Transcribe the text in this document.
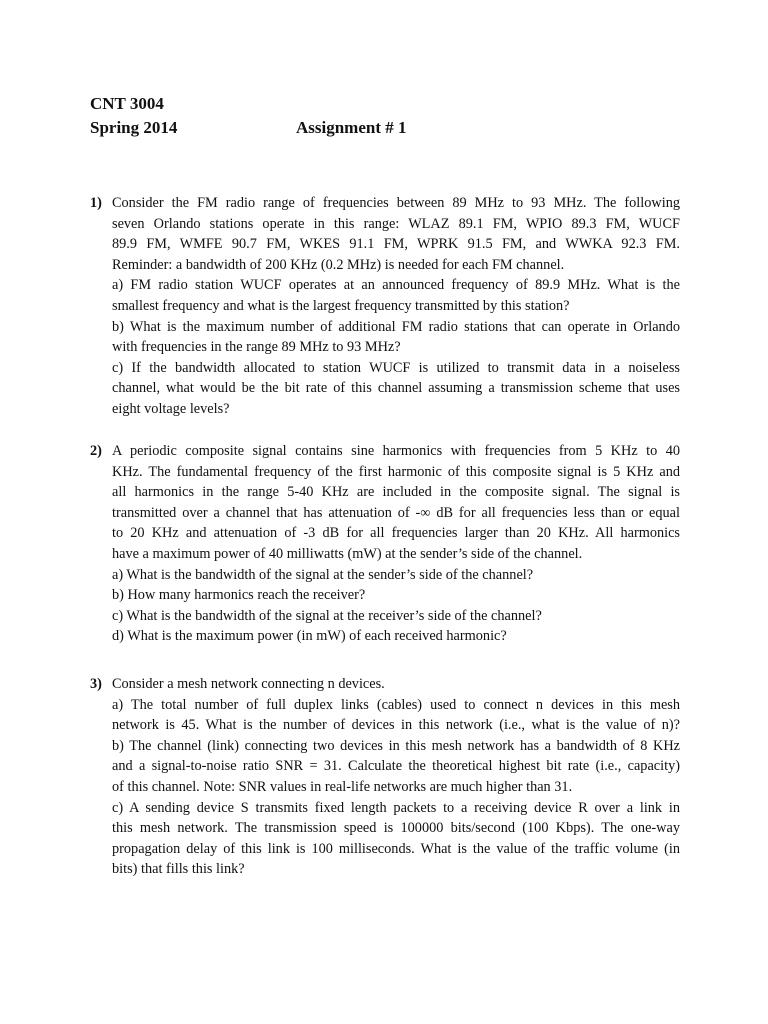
CNT 3004
Spring 2014	Assignment # 1

1) Consider the FM radio range of frequencies between 89 MHz to 93 MHz. The following

seven Orlando stations operate in this range: WLAZ 89.1 FM, WPIO 89.3 FM, WUCF

89.9 FM, WMFE 90.7 FM, WKES 91.1 FM, WPRK 91.5 FM, and WWKA 92.3 FM.

Reminder: a bandwidth of 200 KHz (0.2 MHz) is needed for each FM channel.

a) FM radio station WUCF operates at an announced frequency of 89.9 MHz. What is the

smallest frequency and what is the largest frequency transmitted by this station?

b) What is the maximum number of additional FM radio stations that can operate in Orlando

with frequencies in the range 89 MHz to 93 MHz?

c) If the bandwidth allocated to station WUCF is utilized to transmit data in a noiseless

channel, what would be the bit rate of this channel assuming a transmission scheme that uses

eight voltage levels?

2) A periodic composite signal contains sine harmonics with frequencies from 5 KHz to 40

KHz. The fundamental frequency of the first harmonic of this composite signal is 5 KHz and

all harmonics in the range 5-40 KHz are included in the composite signal. The signal is

transmitted over a channel that has attenuation of -∞ dB for all frequencies less than or equal

to 20 KHz and attenuation of -3 dB for all frequencies larger than 20 KHz. All harmonics

have a maximum power of 40 milliwatts (mW) at the sender’s side of the channel.

a) What is the bandwidth of the signal at the sender’s side of the channel?

b) How many harmonics reach the receiver?

c) What is the bandwidth of the signal at the receiver’s side of the channel?

d) What is the maximum power (in mW) of each received harmonic?

3) Consider a mesh network connecting n devices.

a) The total number of full duplex links (cables) used to connect n devices in this mesh

network is 45. What is the number of devices in this network (i.e., what is the value of n)?

b) The channel (link) connecting two devices in this mesh network has a bandwidth of 8 KHz

and a signal-to-noise ratio SNR = 31. Calculate the theoretical highest bit rate (i.e., capacity)

of this channel. Note: SNR values in real-life networks are much higher than 31.

c) A sending device S transmits fixed length packets to a receiving device R over a link in

this mesh network. The transmission speed is 100000 bits/second (100 Kbps). The one-way

propagation delay of this link is 100 milliseconds. What is the value of the traffic volume (in

bits) that fills this link?
